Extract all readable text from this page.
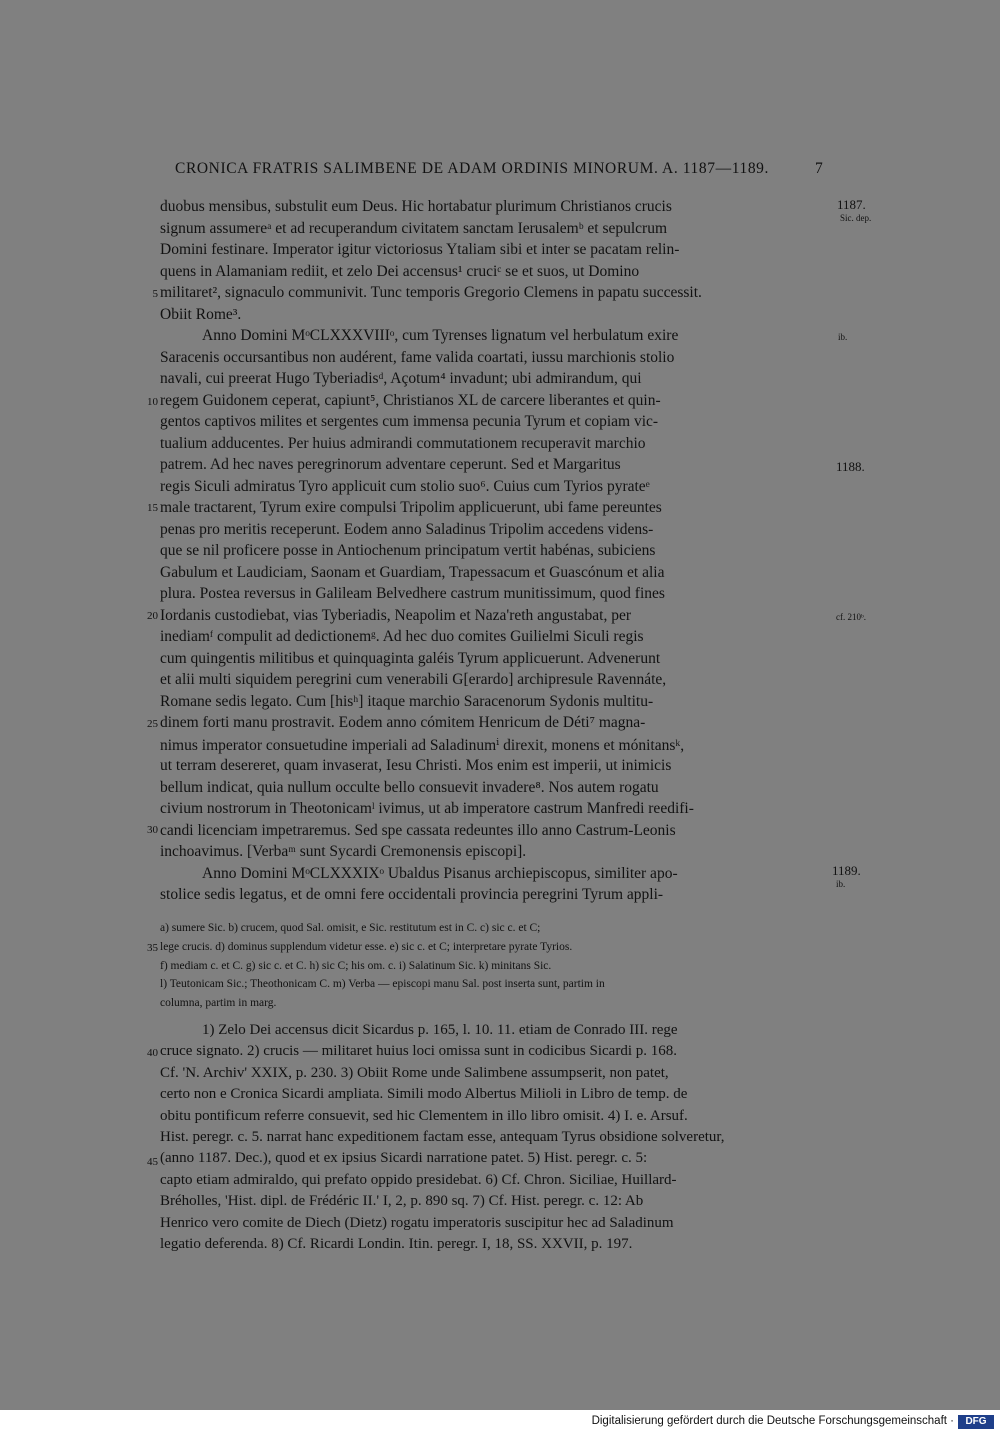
CRONICA FRATRIS SALIMBENE DE ADAM ORDINIS MINORUM. A. 1187—1189.	7
duobus mensibus, substulit eum Deus. Hic hortabatur plurimum Christianos crucis
signum assumereᵃ et ad recuperandum civitatem sanctam Ierusalemᵇ et sepulcrum
Domini festinare. Imperator igitur victoriosus Ytaliam sibi et inter se pacatam relin-
quens in Alamaniam rediit, et zelo Dei accensus¹ cruciᶜ se et suos, ut Domino
militaret², signaculo communivit. Tunc temporis Gregorio Clemens in papatu successit.
Obiit Rome³.
Anno Domini MᵒCLXXXVIIIᵒ, cum Tyrenses lignatum vel herbulatum exire
Saracenis occursantibus non audérent, fame valida coartati, iussu marchionis stolio
navali, cui preerat Hugo Tyberiadisᵈ, Açotum⁴ invadunt; ubi admirandum, qui
regem Guidonem ceperat, capiunt⁵, Christianos XL de carcere liberantes et quin-
gentos captivos milites et sergentes cum immensa pecunia Tyrum et copiam vic-
tualium adducentes. Per huius admirandi commutationem recuperavit marchio
patrem. Ad hec naves peregrinorum adventare ceperunt. Sed et Margaritus
regis Siculi admiratus Tyro applicuit cum stolio suo⁶. Cuius cum Tyrios pyrateᵉ
male tractarent, Tyrum exire compulsi Tripolim applicuerunt, ubi fame pereuntes
penas pro meritis receperunt. Eodem anno Saladinus Tripolim accedens videns-
que se nil proficere posse in Antiochenum principatum vertit habénas, subiciens
Gabulum et Laudiciam, Saonam et Guardiam, Trapessacum et Guascónum et alia
plura. Postea reversus in Galileam Belvedhere castrum munitissimum, quod fines
Iordanis custodiebat, vias Tyberiadis, Neapolim et Naza'reth angustabat, per
inediamᶠ compulit ad dedictionemᵍ. Ad hec duo comites Guilielmi Siculi regis
cum quingentis militibus et quinquaginta galéis Tyrum applicuerunt. Advenerunt
et alii multi siquidem peregrini cum venerabili G[erardo] archipresule Ravennáte,
Romane sedis legato. Cum [hisʰ] itaque marchio Saracenorum Sydonis multitu-
dinem forti manu prostravit. Eodem anno cómitem Henricum de Déti⁷ magna-
nimus imperator consuetudine imperiali ad Saladinumⁱ direxit, monens et mónitansᵏ,
ut terram desereret, quam invaserat, Iesu Christi. Mos enim est imperii, ut inimicis
bellum indicat, quia nullum occulte bello consuevit invadere⁸. Nos autem rogatu
civium nostrorum in Theotonicamˡ ivimus, ut ab imperatore castrum Manfredi reedifi-
candi licenciam impetraremus. Sed spe cassata redeuntes illo anno Castrum-Leonis
inchoavimus. [Verbaᵐ sunt Sycardi Cremonensis episcopi].
Anno Domini MᵒCLXXXIXᵒ Ubaldus Pisanus archiepiscopus, similiter apo-
stolice sedis legatus, et de omni fere occidentali provincia peregrini Tyrum appli-
1187.
Sic. dep.
ib.
1188.
cf. 210ᵇ.
1189.
ib.
5
10
15
20
25
30
35
40
45
a) sumere Sic. b) crucem, quod Sal. omisit, e Sic. restitutum est in C. c) sic c. et C;
lege crucis. d) dominus supplendum videtur esse. e) sic c. et C; interpretare pyrate Tyrios.
f) mediam c. et C. g) sic c. et C. h) sic C; his om. c. i) Salatinum Sic. k) minitans Sic.
l) Teutonicam Sic.; Theothonicam C. m) Verba — episcopi manu Sal. post inserta sunt, partim in
columna, partim in marg.
1) Zelo Dei accensus dicit Sicardus p. 165, l. 10. 11. etiam de Conrado III. rege
cruce signato. 2) crucis — militaret huius loci omissa sunt in codicibus Sicardi p. 168.
Cf. 'N. Archiv' XXIX, p. 230. 3) Obiit Rome unde Salimbene assumpserit, non patet,
certo non e Cronica Sicardi ampliata. Simili modo Albertus Milioli in Libro de temp. de
obitu pontificum referre consuevit, sed hic Clementem in illo libro omisit. 4) I. e. Arsuf.
Hist. peregr. c. 5. narrat hanc expeditionem factam esse, antequam Tyrus obsidione solveretur,
(anno 1187. Dec.), quod et ex ipsius Sicardi narratione patet. 5) Hist. peregr. c. 5:
capto etiam admiraldo, qui prefato oppido presidebat. 6) Cf. Chron. Siciliae, Huillard-
Bréholles, 'Hist. dipl. de Frédéric II.' I, 2, p. 890 sq. 7) Cf. Hist. peregr. c. 12: Ab
Henrico vero comite de Diech (Dietz) rogatu imperatoris suscipitur hec ad Saladinum
legatio deferenda. 8) Cf. Ricardi Londin. Itin. peregr. I, 18, SS. XXVII, p. 197.
Digitalisierung gefördert durch die Deutsche Forschungsgemeinschaft ·	DFG
